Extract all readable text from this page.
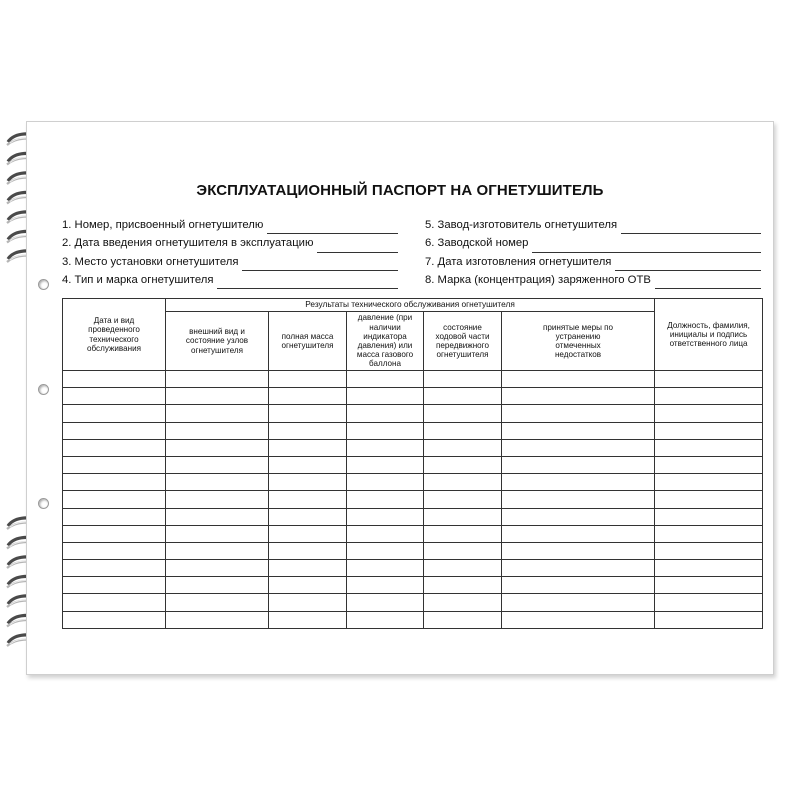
ЭКСПЛУАТАЦИОННЫЙ ПАСПОРТ НА ОГНЕТУШИТЕЛЬ
1. Номер, присвоенный огнетушителю
2. Дата введения огнетушителя в эксплуатацию
3. Место установки огнетушителя
4. Тип и марка огнетушителя
5. Завод-изготовитель огнетушителя
6. Заводской номер
7. Дата изготовления огнетушителя
8. Марка (концентрация) заряженного ОТВ
Дата и вид проведенного технического обслуживания	Результаты технического обслуживания огнетушителя					Должность, фамилия, инициалы и подпись ответственного лица
	внешний вид и состояние узлов огнетушителя	полная масса огнетушителя	давление (при наличии индикатора давления) или масса газового баллона	состояние ходовой части передвижного огнетушителя	принятые меры по устранению отмеченных недостатков	
